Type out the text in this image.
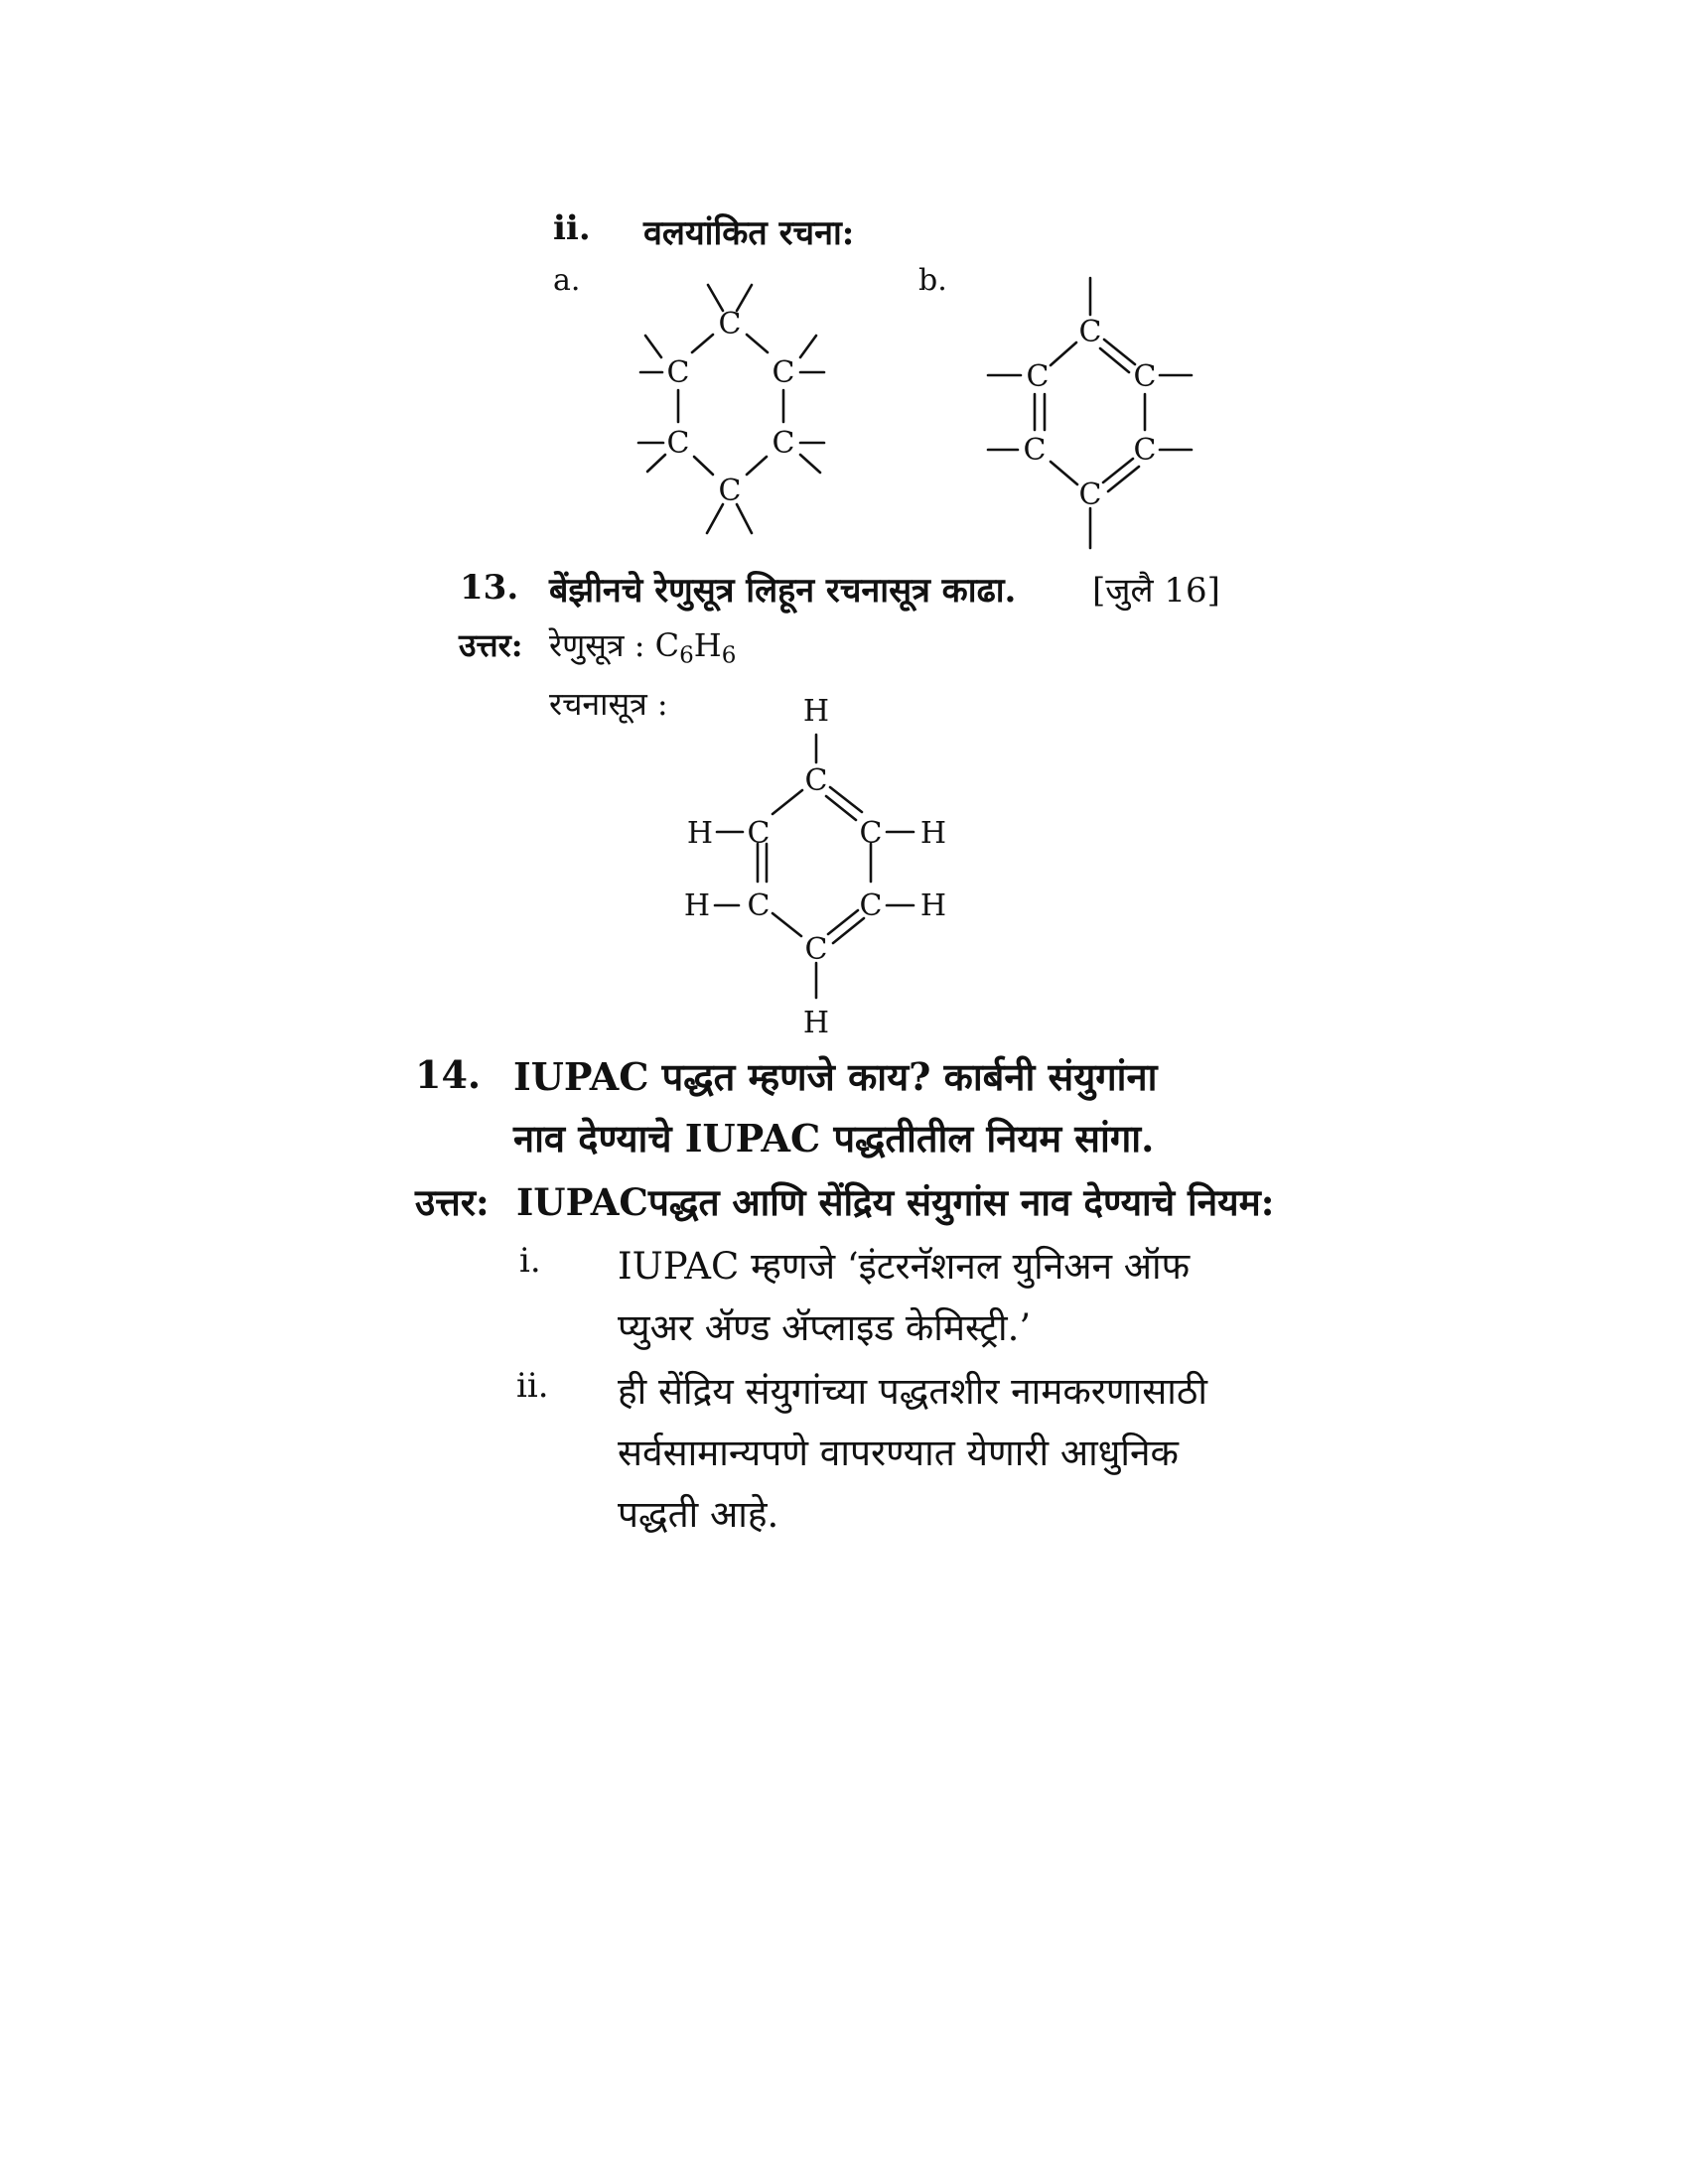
ii. वलयांकित रचना:
a.	b.
C
C	C
C	C
C
C
C	C
C	C
C
13. बेंझीनचे रेणुसूत्र लिहून रचनासूत्र काढा. [जुलै 16]
उत्तर: रेणुसूत्र : $C_6H_6$
रचनासूत्र :	H
C
H C	C H
H C	C H
C
H
14. IUPAC पद्धत म्हणजे काय? कार्बनी संयुगांना
नाव देण्याचे IUPAC पद्धतीतील नियम सांगा.
उत्तर: IUPACपद्धत आणि सेंद्रिय संयुगांस नाव देण्याचे नियम:
i. IUPAC म्हणजे ‘इंटरनॅशनल युनिअन ऑफ
प्युअर ॲण्ड ॲप्लाइड केमिस्ट्री.’
ii. ही सेंद्रिय संयुगांच्या पद्धतशीर नामकरणासाठी
सर्वसामान्यपणे वापरण्यात येणारी आधुनिक
पद्धती आहे.
